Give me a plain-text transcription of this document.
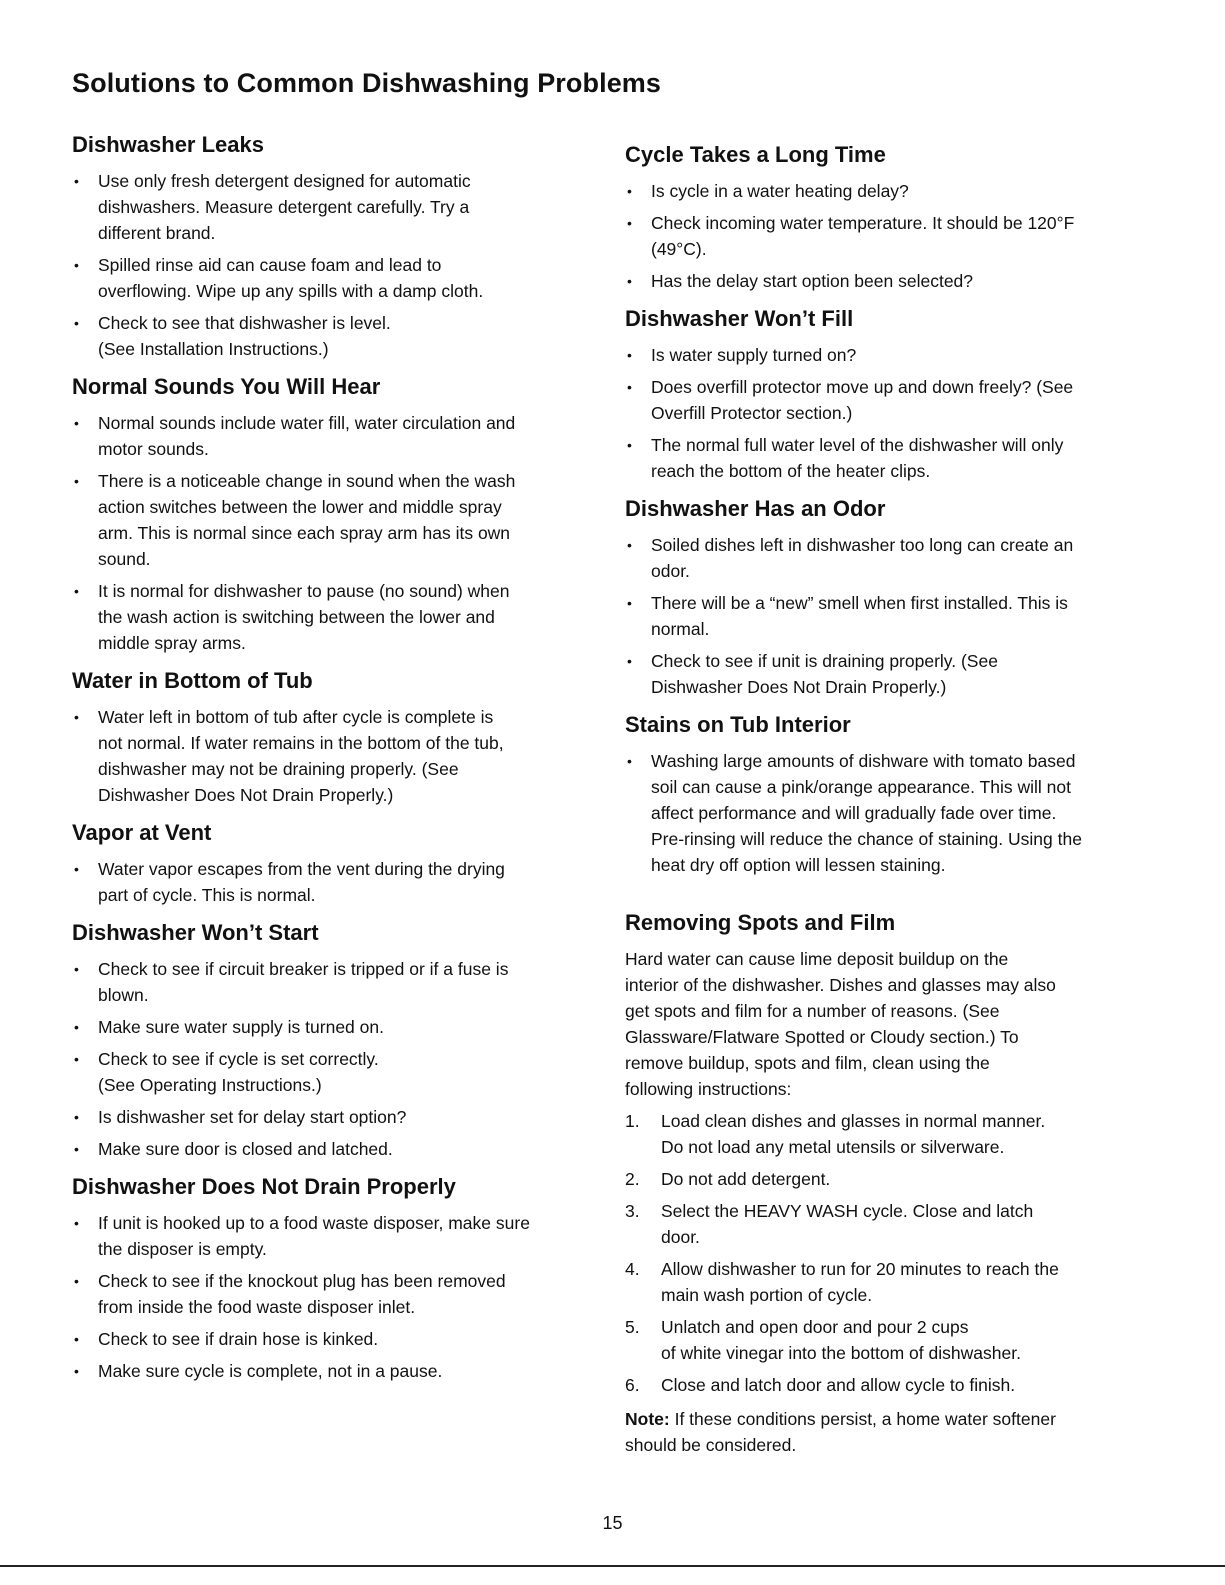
Solutions to Common Dishwashing Problems
Dishwasher Leaks
• Use only fresh detergent designed for automatic
dishwashers. Measure detergent carefully. Try a
different brand.
• Spilled rinse aid can cause foam and lead to
overflowing. Wipe up any spills with a damp cloth.
• Check to see that dishwasher is level.
(See Installation Instructions.)
Normal Sounds You Will Hear
• Normal sounds include water fill, water circulation and
motor sounds.
• There is a noticeable change in sound when the wash
action switches between the lower and middle spray
arm. This is normal since each spray arm has its own
sound.
• It is normal for dishwasher to pause (no sound) when
the wash action is switching between the lower and
middle spray arms.
Water in Bottom of Tub
• Water left in bottom of tub after cycle is complete is
not normal. If water remains in the bottom of the tub,
dishwasher may not be draining properly. (See
Dishwasher Does Not Drain Properly.)
Vapor at Vent
• Water vapor escapes from the vent during the drying
part of cycle. This is normal.
Dishwasher Won’t Start
• Check to see if circuit breaker is tripped or if a fuse is
blown.
• Make sure water supply is turned on.
• Check to see if cycle is set correctly.
(See Operating Instructions.)
• Is dishwasher set for delay start option?
• Make sure door is closed and latched.
Dishwasher Does Not Drain Properly
• If unit is hooked up to a food waste disposer, make sure
the disposer is empty.
• Check to see if the knockout plug has been removed
from inside the food waste disposer inlet.
• Check to see if drain hose is kinked.
• Make sure cycle is complete, not in a pause.
Cycle Takes a Long Time
• Is cycle in a water heating delay?
• Check incoming water temperature. It should be 120°F
(49°C).
• Has the delay start option been selected?
Dishwasher Won’t Fill
• Is water supply turned on?
• Does overfill protector move up and down freely? (See
Overfill Protector section.)
• The normal full water level of the dishwasher will only
reach the bottom of the heater clips.
Dishwasher Has an Odor
• Soiled dishes left in dishwasher too long can create an
odor.
• There will be a “new” smell when first installed. This is
normal.
• Check to see if unit is draining properly. (See
Dishwasher Does Not Drain Properly.)
Stains on Tub Interior
• Washing large amounts of dishware with tomato based
soil can cause a pink/orange appearance. This will not
affect performance and will gradually fade over time.
Pre-rinsing will reduce the chance of staining. Using the
heat dry off option will lessen staining.
Removing Spots and Film

Hard water can cause lime deposit buildup on the
interior of the dishwasher. Dishes and glasses may also
get spots and film for a number of reasons. (See
Glassware/Flatware Spotted or Cloudy section.) To
remove buildup, spots and film, clean using the
following instructions:

1. Load clean dishes and glasses in normal manner.
Do not load any metal utensils or silverware.
2. Do not add detergent.
3. Select the HEAVY WASH cycle. Close and latch
door.
4. Allow dishwasher to run for 20 minutes to reach the
main wash portion of cycle.
5. Unlatch and open door and pour 2 cups
of white vinegar into the bottom of dishwasher.
6. Close and latch door and allow cycle to finish.

Note: If these conditions persist, a home water softener
should be considered.

15
